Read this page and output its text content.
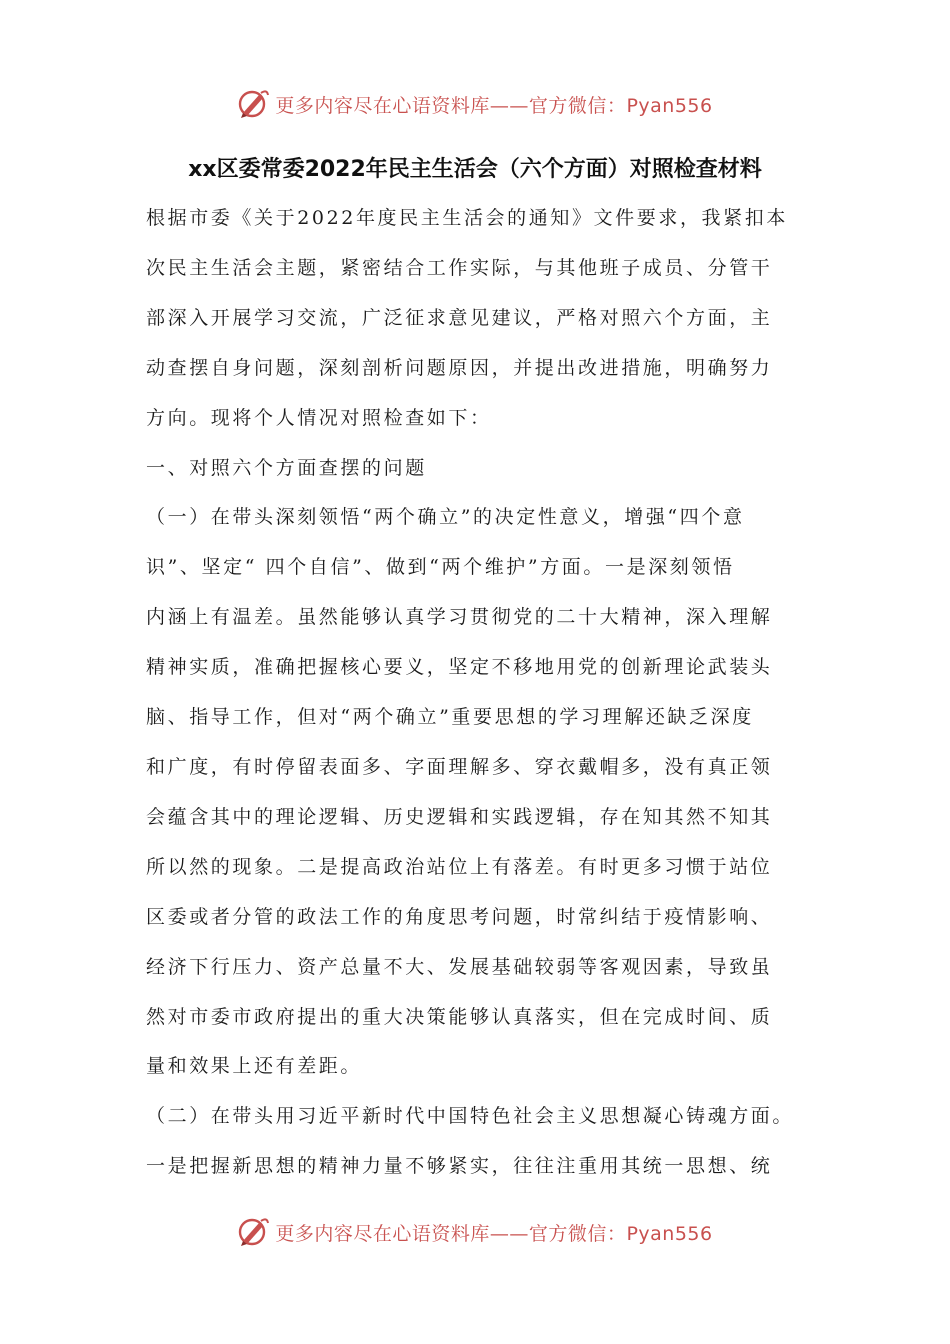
更多内容尽在心语资料库——官方微信：Pyan556
xx区委常委2022年民主生活会（六个方面）对照检查材料

根据市委《关于2022年度民主生活会的通知》文件要求，我紧扣本

次民主生活会主题，紧密结合工作实际，与其他班子成员、分管干

部深入开展学习交流，广泛征求意见建议，严格对照六个方面，主

动查摆自身问题，深刻剖析问题原因，并提出改进措施，明确努力

方向。现将个人情况对照检查如下：

一、对照六个方面查摆的问题

（一）在带头深刻领悟“两个确立”的决定性意义，增强“四个意

识”、坚定“ 四个自信”、做到“两个维护”方面。一是深刻领悟

内涵上有温差。虽然能够认真学习贯彻党的二十大精神，深入理解

精神实质，准确把握核心要义，坚定不移地用党的创新理论武装头

脑、指导工作，但对“两个确立”重要思想的学习理解还缺乏深度

和广度，有时停留表面多、字面理解多、穿衣戴帽多，没有真正领

会蕴含其中的理论逻辑、历史逻辑和实践逻辑，存在知其然不知其

所以然的现象。二是提高政治站位上有落差。有时更多习惯于站位

区委或者分管的政法工作的角度思考问题，时常纠结于疫情影响、

经济下行压力、资产总量不大、发展基础较弱等客观因素，导致虽

然对市委市政府提出的重大决策能够认真落实，但在完成时间、质

量和效果上还有差距。

（二）在带头用习近平新时代中国特色社会主义思想凝心铸魂方面。

一是把握新思想的精神力量不够紧实，往往注重用其统一思想、统

更多内容尽在心语资料库——官方微信：Pyan556
